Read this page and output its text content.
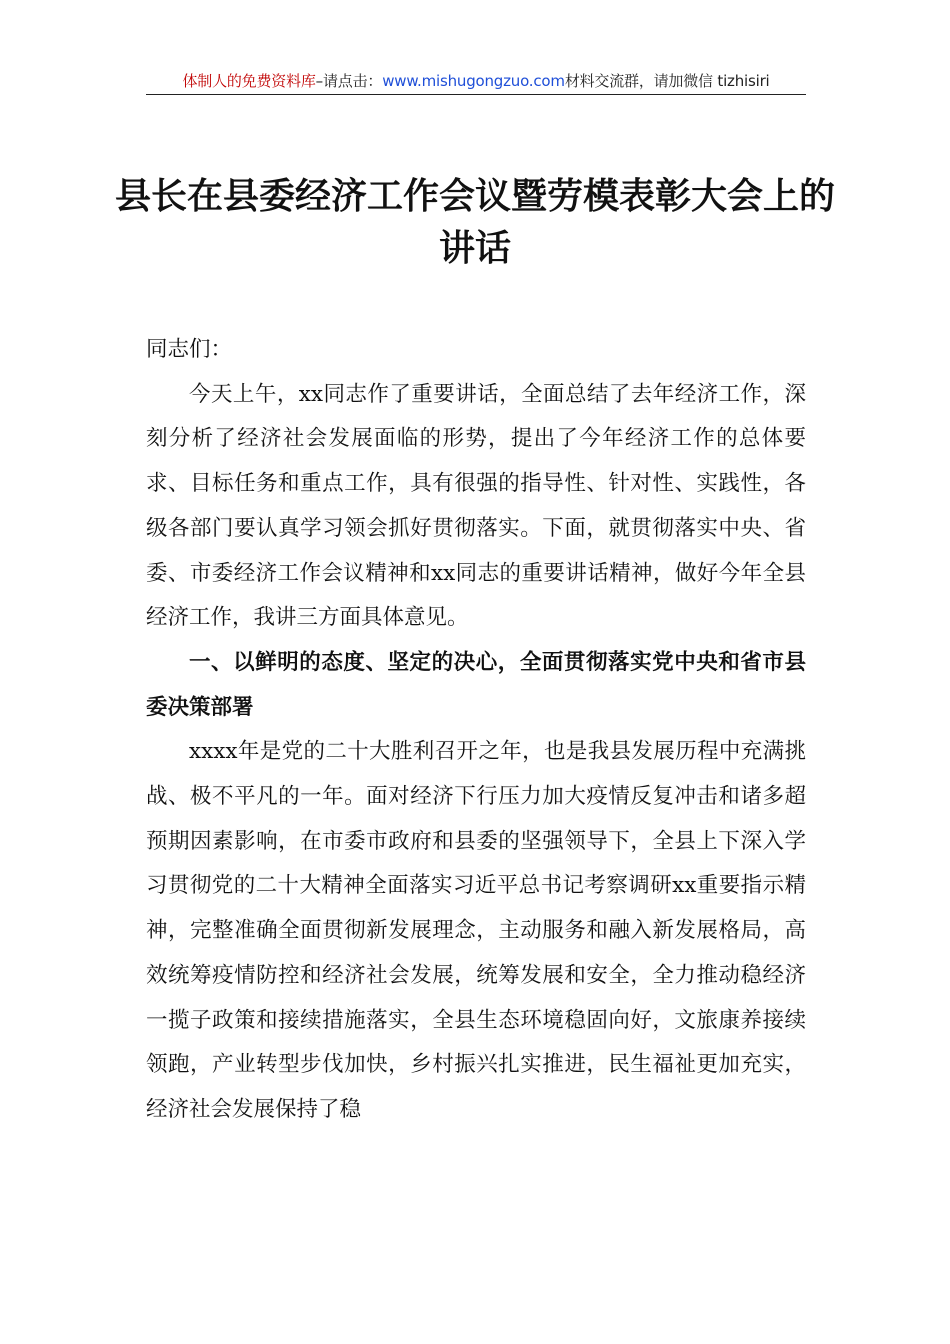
体制人的免费资料库–请点击：www.mishugongzuo.com材料交流群，请加微信 tizhisiri
县长在县委经济工作会议暨劳模表彰大会上的讲话

同志们：

今天上午，xx同志作了重要讲话，全面总结了去年经济工作，深刻分析了经济社会发展面临的形势，提出了今年经济工作的总体要求、目标任务和重点工作，具有很强的指导性、针对性、实践性，各级各部门要认真学习领会抓好贯彻落实。下面，就贯彻落实中央、省委、市委经济工作会议精神和xx同志的重要讲话精神，做好今年全县经济工作，我讲三方面具体意见。

一、以鲜明的态度、坚定的决心，全面贯彻落实党中央和省市县委决策部署

xxxx年是党的二十大胜利召开之年，也是我县发展历程中充满挑战、极不平凡的一年。面对经济下行压力加大疫情反复冲击和诸多超预期因素影响，在市委市政府和县委的坚强领导下，全县上下深入学习贯彻党的二十大精神全面落实习近平总书记考察调研xx重要指示精神，完整准确全面贯彻新发展理念，主动服务和融入新发展格局，高效统筹疫情防控和经济社会发展，统筹发展和安全，全力推动稳经济一揽子政策和接续措施落实，全县生态环境稳固向好，文旅康养接续领跑，产业转型步伐加快，乡村振兴扎实推进，民生福祉更加充实，经济社会发展保持了稳
